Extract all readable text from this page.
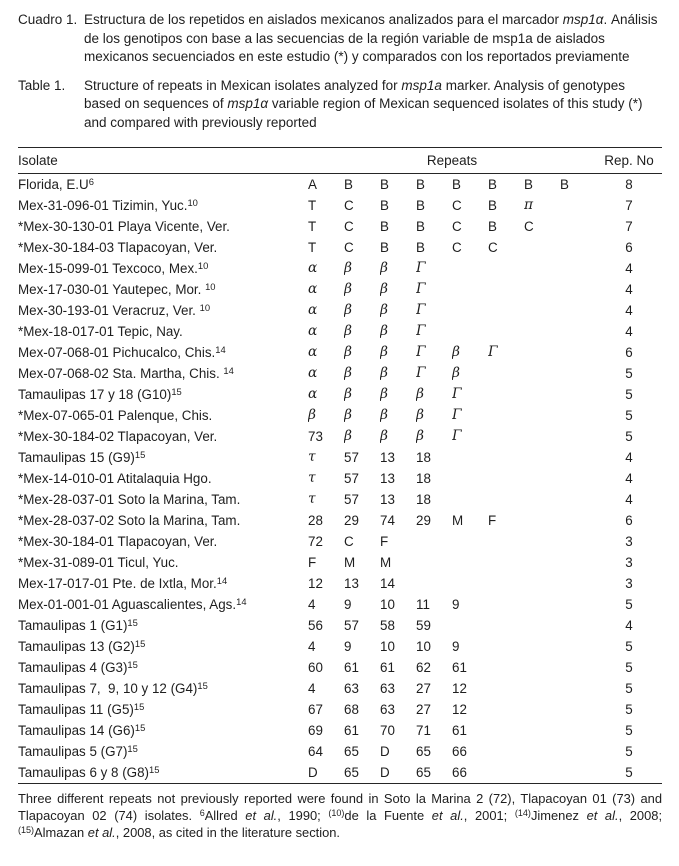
Cuadro 1. Estructura de los repetidos en aislados mexicanos analizados para el marcador msp1α. Análisis de los genotipos con base a las secuencias de la región variable de msp1a de aislados mexicanos secuenciados en este estudio (*) y comparados con los reportados previamente
Table 1.	Structure of repeats in Mexican isolates analyzed for msp1a marker. Analysis of genotypes based on sequences of msp1α variable region of Mexican sequenced isolates of this study (*) and compared with previously reported
Isolate	Repeats								Rep. No
Florida, $E.U^6$	A	B	B	B	B	B	B	B	8
Mex-31-096-01 Tizimin, Yuc.$^{10}$	T	C	B	B	C	B	π		7
*Mex-30-130-01 Playa Vicente, Ver.	T	C	B	B	C	B	C		7
*Mex-30-184-03 Tlapacoyan, Ver.	T	C	B	B	C	C			6
Mex-15-099-01 Texcoco, Mex.$^{10}$	α	β	β	Γ					4
Mex-17-030-01 Yautepec, Mor. $^{10}$	α	β	β	Γ					4
Mex-30-193-01 Veracruz, Ver. $^{10}$	α	β	β	Γ					4
*Mex-18-017-01 Tepic, Nay.	α	β	β	Γ					4
Mex-07-068-01 Pichucalco, Chis.$^{14}$	α	β	β	Γ	β	Γ			6
Mex-07-068-02 Sta. Martha, Chis. $^{14}$	α	β	β	Γ	β				5
Tamaulipas 17 y 18 $(G10)^{15}$	α	β	β	β	Γ				5
*Mex-07-065-01 Palenque, Chis.	β	β	β	β	Γ				5
*Mex-30-184-02 Tlapacoyan, Ver.	73	β	β	β	Γ				5
Tamaulipas 15 $(G9)^{15}$	τ	57	13	18					4
*Mex-14-010-01 Atitalaquia Hgo.	τ	57	13	18					4
*Mex-28-037-01 Soto la Marina, Tam.	τ	57	13	18					4
*Mex-28-037-02 Soto la Marina, Tam.	28	29	74	29	M	F			6
*Mex-30-184-01 Tlapacoyan, Ver.	72	C	F						3
*Mex-31-089-01 Ticul, Yuc.	F	M	M						3
Mex-17-017-01 Pte. de Ixtla, Mor.$^{14}$	12	13	14						3
Mex-01-001-01 Aguascalientes, Ags.$^{14}$	4	9	10	11	9				5
Tamaulipas 1 $(G1)^{15}$	56	57	58	59					4
Tamaulipas 13 $(G2)^{15}$	4	9	10	10	9				5
Tamaulipas 4 $(G3)^{15}$	60	61	61	62	61				5
Tamaulipas 7,  9, 10 y 12 $(G4)^{15}$	4	63	63	27	12				5
Tamaulipas 11 $(G5)^{15}$	67	68	63	27	12				5
Tamaulipas 14 $(G6)^{15}$	69	61	70	71	61				5
Tamaulipas 5 $(G7)^{15}$	64	65	D	65	66				5
Tamaulipas 6 y 8 $(G8)^{15}$	D	65	D	65	66				5

Three different repeats not previously reported were found in Soto la Marina 2 (72), Tlapacoyan 01 (73) and Tlapacoyan 02 (74) isolates. $^6$Allred et al., 1990; $^{(10)}$de la Fuente et al., 2001; $^{(14)}$Jimenez et al., 2008; $^{(15)}$Almazan et al., 2008, as cited in the literature section.
